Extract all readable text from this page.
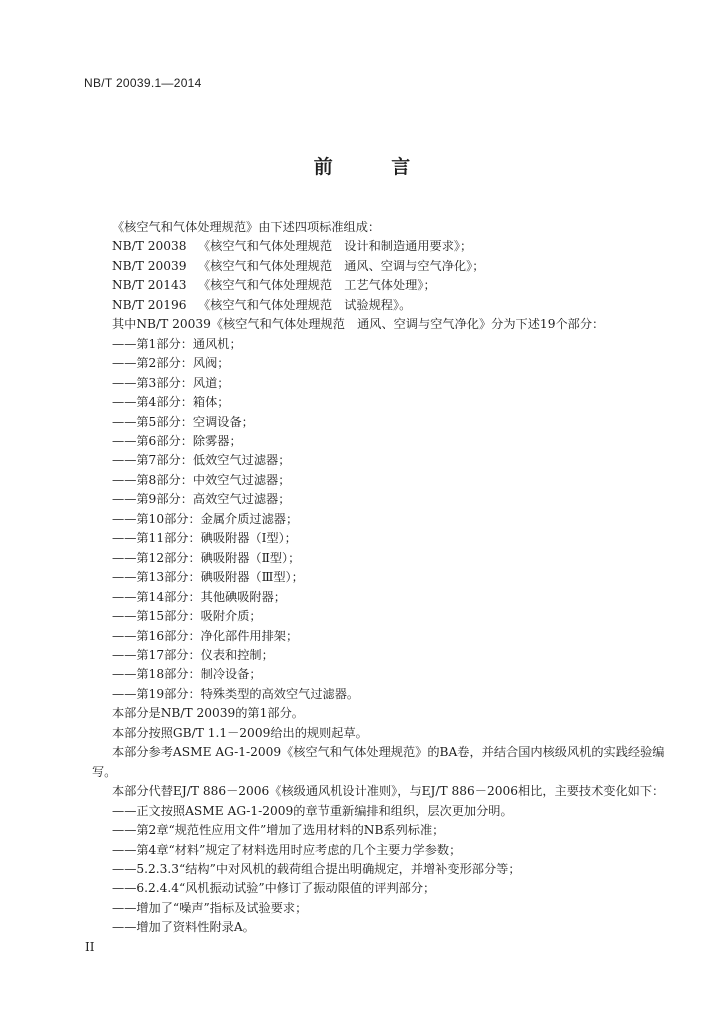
NB/T 20039.1—2014
前 言
《核空气和气体处理规范》由下述四项标准组成：
NB/T 20038 《核空气和气体处理规范　设计和制造通用要求》；
NB/T 20039 《核空气和气体处理规范　通风、空调与空气净化》；
NB/T 20143 《核空气和气体处理规范　工艺气体处理》；
NB/T 20196 《核空气和气体处理规范　试验规程》。
其中NB/T 20039《核空气和气体处理规范　通风、空调与空气净化》分为下述19个部分：
——第1部分：通风机；
——第2部分：风阀；
——第3部分：风道；
——第4部分：箱体；
——第5部分：空调设备；
——第6部分：除雾器；
——第7部分：低效空气过滤器；
——第8部分：中效空气过滤器；
——第9部分：高效空气过滤器；
——第10部分：金属介质过滤器；
——第11部分：碘吸附器（Ⅰ型）；
——第12部分：碘吸附器（Ⅱ型）；
——第13部分：碘吸附器（Ⅲ型）；
——第14部分：其他碘吸附器；
——第15部分：吸附介质；
——第16部分：净化部件用排架；
——第17部分：仪表和控制；
——第18部分：制冷设备；
——第19部分：特殊类型的高效空气过滤器。
本部分是NB/T 20039的第1部分。
本部分按照GB/T 1.1－2009给出的规则起草。
本部分参考ASME AG-1-2009《核空气和气体处理规范》的BA卷，并结合国内核级风机的实践经验编写。
本部分代替EJ/T 886－2006《核级通风机设计准则》，与EJ/T 886－2006相比，主要技术变化如下：
——正文按照ASME AG-1-2009的章节重新编排和组织，层次更加分明。
——第2章“规范性应用文件”增加了选用材料的NB系列标准；
——第4章“材料”规定了材料选用时应考虑的几个主要力学参数；
——5.2.3.3“结构”中对风机的载荷组合提出明确规定，并增补变形部分等；
——6.2.4.4“风机振动试验”中修订了振动限值的评判部分；
——增加了“噪声”指标及试验要求；
——增加了资料性附录A。
II
